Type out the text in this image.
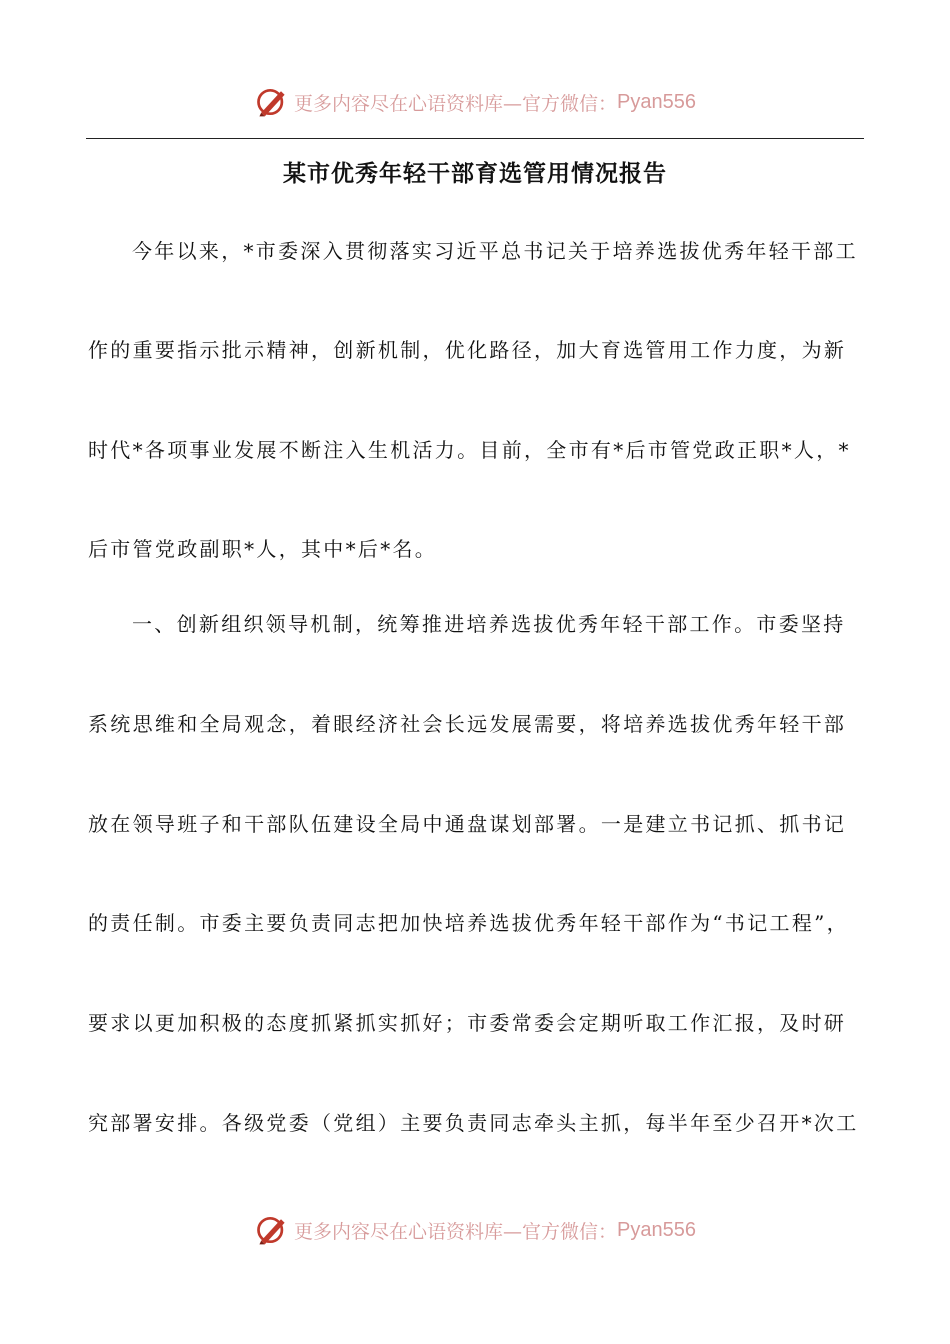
更多内容尽在心语资料库—官方微信： Pyan556
某市优秀年轻干部育选管用情况报告
今年以来，*市委深入贯彻落实习近平总书记关于培养选拔优秀年轻干部工
作的重要指示批示精神，创新机制，优化路径，加大育选管用工作力度，为新
时代*各项事业发展不断注入生机活力。目前，全市有*后市管党政正职*人，*
后市管党政副职*人，其中*后*名。
一、创新组织领导机制，统筹推进培养选拔优秀年轻干部工作。市委坚持
系统思维和全局观念，着眼经济社会长远发展需要，将培养选拔优秀年轻干部
放在领导班子和干部队伍建设全局中通盘谋划部署。一是建立书记抓、抓书记
的责任制。市委主要负责同志把加快培养选拔优秀年轻干部作为“书记工程”，
要求以更加积极的态度抓紧抓实抓好；市委常委会定期听取工作汇报，及时研
究部署安排。各级党委（党组）主要负责同志牵头主抓，每半年至少召开*次工
更多内容尽在心语资料库—官方微信： Pyan556
